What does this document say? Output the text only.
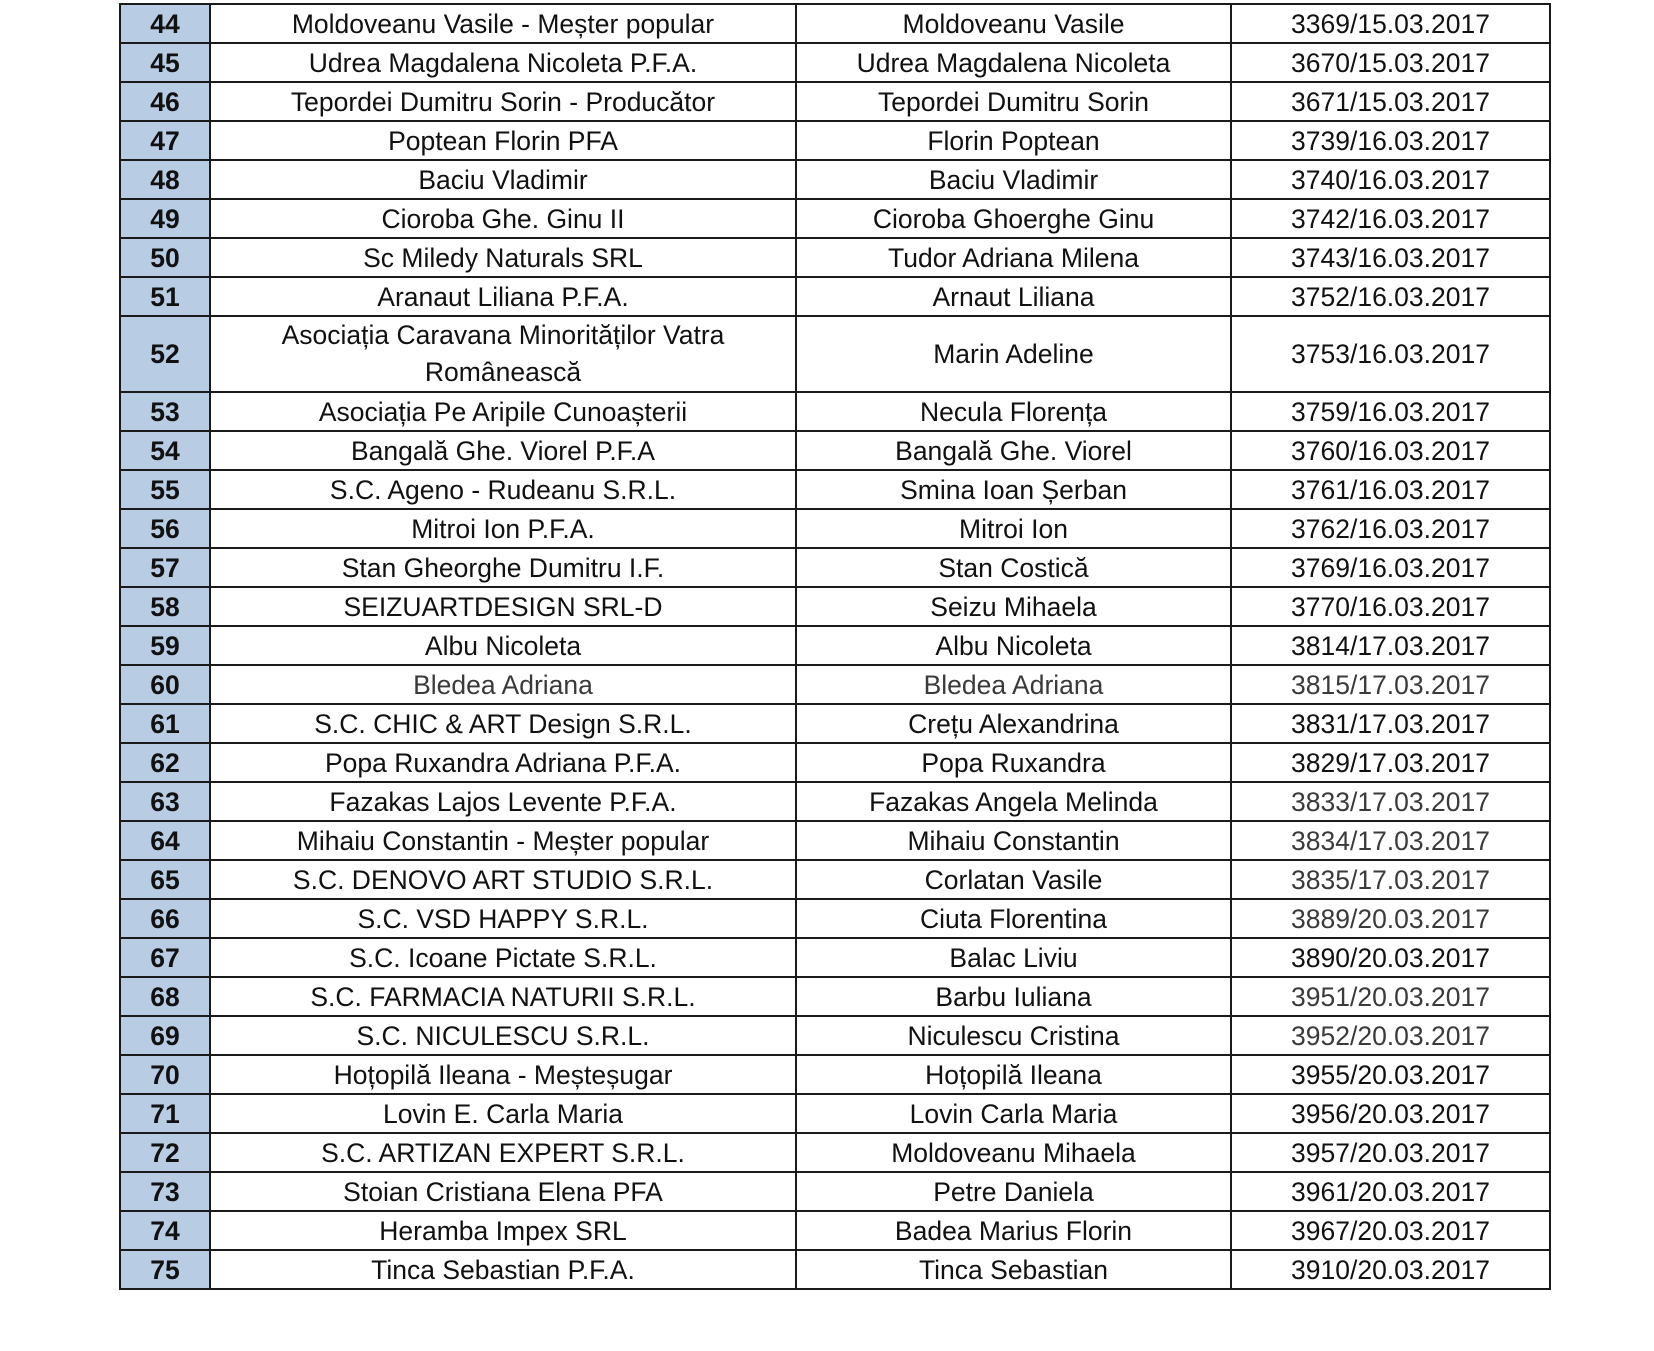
44	Moldoveanu Vasile - Meșter popular	Moldoveanu Vasile	3369/15.03.2017
45	Udrea Magdalena Nicoleta P.F.A.	Udrea Magdalena Nicoleta	3670/15.03.2017
46	Tepordei Dumitru Sorin - Producător	Tepordei Dumitru Sorin	3671/15.03.2017
47	Poptean Florin PFA	Florin Poptean	3739/16.03.2017
48	Baciu Vladimir	Baciu Vladimir	3740/16.03.2017
49	Cioroba Ghe. Ginu II	Cioroba Ghoerghe Ginu	3742/16.03.2017
50	Sc Miledy Naturals SRL	Tudor Adriana Milena	3743/16.03.2017
51	Aranaut Liliana P.F.A.	Arnaut Liliana	3752/16.03.2017
52	Asociația Caravana Minorităților Vatra Românească	Marin Adeline	3753/16.03.2017
53	Asociația Pe Aripile Cunoașterii	Necula Florența	3759/16.03.2017
54	Bangală Ghe. Viorel P.F.A	Bangală Ghe. Viorel	3760/16.03.2017
55	S.C. Ageno - Rudeanu S.R.L.	Smina Ioan Șerban	3761/16.03.2017
56	Mitroi Ion P.F.A.	Mitroi Ion	3762/16.03.2017
57	Stan Gheorghe Dumitru I.F.	Stan Costică	3769/16.03.2017
58	SEIZUARTDESIGN SRL-D	Seizu Mihaela	3770/16.03.2017
59	Albu Nicoleta	Albu Nicoleta	3814/17.03.2017
60	Bledea Adriana	Bledea Adriana	3815/17.03.2017
61	S.C. CHIC & ART Design S.R.L.	Crețu Alexandrina	3831/17.03.2017
62	Popa Ruxandra Adriana P.F.A.	Popa Ruxandra	3829/17.03.2017
63	Fazakas Lajos Levente P.F.A.	Fazakas Angela Melinda	3833/17.03.2017
64	Mihaiu Constantin - Meșter popular	Mihaiu Constantin	3834/17.03.2017
65	S.C. DENOVO ART STUDIO S.R.L.	Corlatan Vasile	3835/17.03.2017
66	S.C. VSD HAPPY S.R.L.	Ciuta Florentina	3889/20.03.2017
67	S.C. Icoane Pictate S.R.L.	Balac Liviu	3890/20.03.2017
68	S.C. FARMACIA NATURII S.R.L.	Barbu Iuliana	3951/20.03.2017
69	S.C. NICULESCU S.R.L.	Niculescu Cristina	3952/20.03.2017
70	Hoțopilă Ileana - Meșteșugar	Hoțopilă Ileana	3955/20.03.2017
71	Lovin E. Carla Maria	Lovin Carla Maria	3956/20.03.2017
72	S.C. ARTIZAN EXPERT S.R.L.	Moldoveanu Mihaela	3957/20.03.2017
73	Stoian Cristiana Elena PFA	Petre Daniela	3961/20.03.2017
74	Heramba Impex SRL	Badea Marius Florin	3967/20.03.2017
75	Tinca Sebastian P.F.A.	Tinca Sebastian	3910/20.03.2017
